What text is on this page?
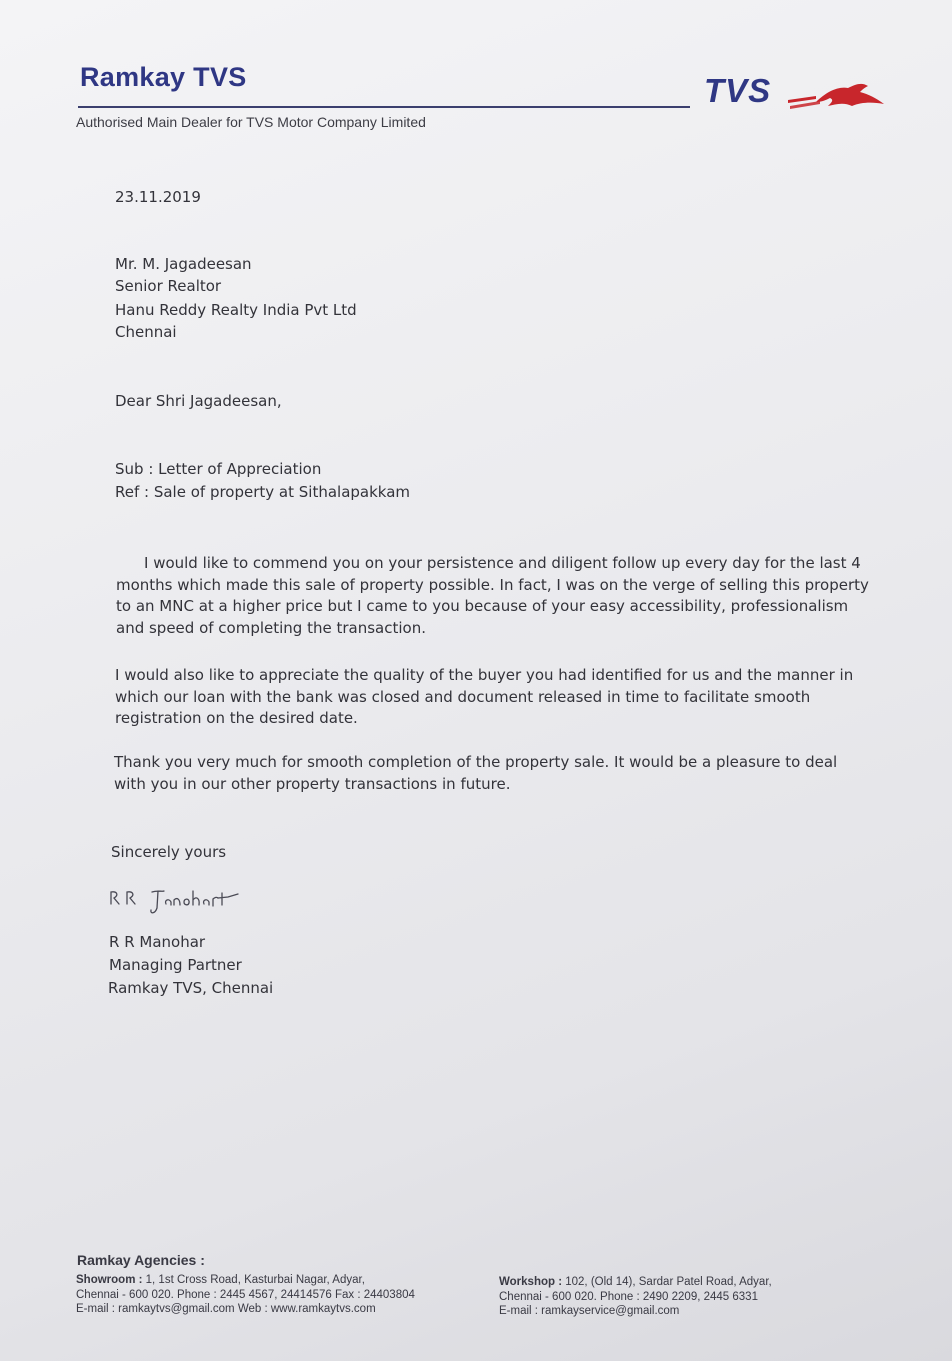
Ramkay TVS
Authorised Main Dealer for TVS Motor Company Limited
TVS
23.11.2019
Mr. M. Jagadeesan
Senior Realtor
Hanu Reddy Realty India Pvt Ltd
Chennai
Dear Shri Jagadeesan,
Sub : Letter of Appreciation
Ref : Sale of property at Sithalapakkam
I would like to commend you on your persistence and diligent follow up every day for the last 4 months which made this sale of property possible. In fact, I was on the verge of selling this property to an MNC at a higher price but I came to you because of your easy accessibility, professionalism and speed of completing the transaction.
I would also like to appreciate the quality of the buyer you had identified for us and the manner in which our loan with the bank was closed and document released in time to facilitate smooth registration on the desired date.
Thank you very much for smooth completion of the property sale. It would be a pleasure to deal with you in our other property transactions in future.
Sincerely yours
R R Manohar
Managing Partner
Ramkay TVS, Chennai
Ramkay Agencies :
Showroom : 1, 1st Cross Road, Kasturbai Nagar, Adyar,
Chennai - 600 020. Phone : 2445 4567, 24414576 Fax : 24403804
E-mail : ramkaytvs@gmail.com Web : www.ramkaytvs.com
Workshop : 102, (Old 14), Sardar Patel Road, Adyar,
Chennai - 600 020. Phone : 2490 2209, 2445 6331
E-mail : ramkayservice@gmail.com
